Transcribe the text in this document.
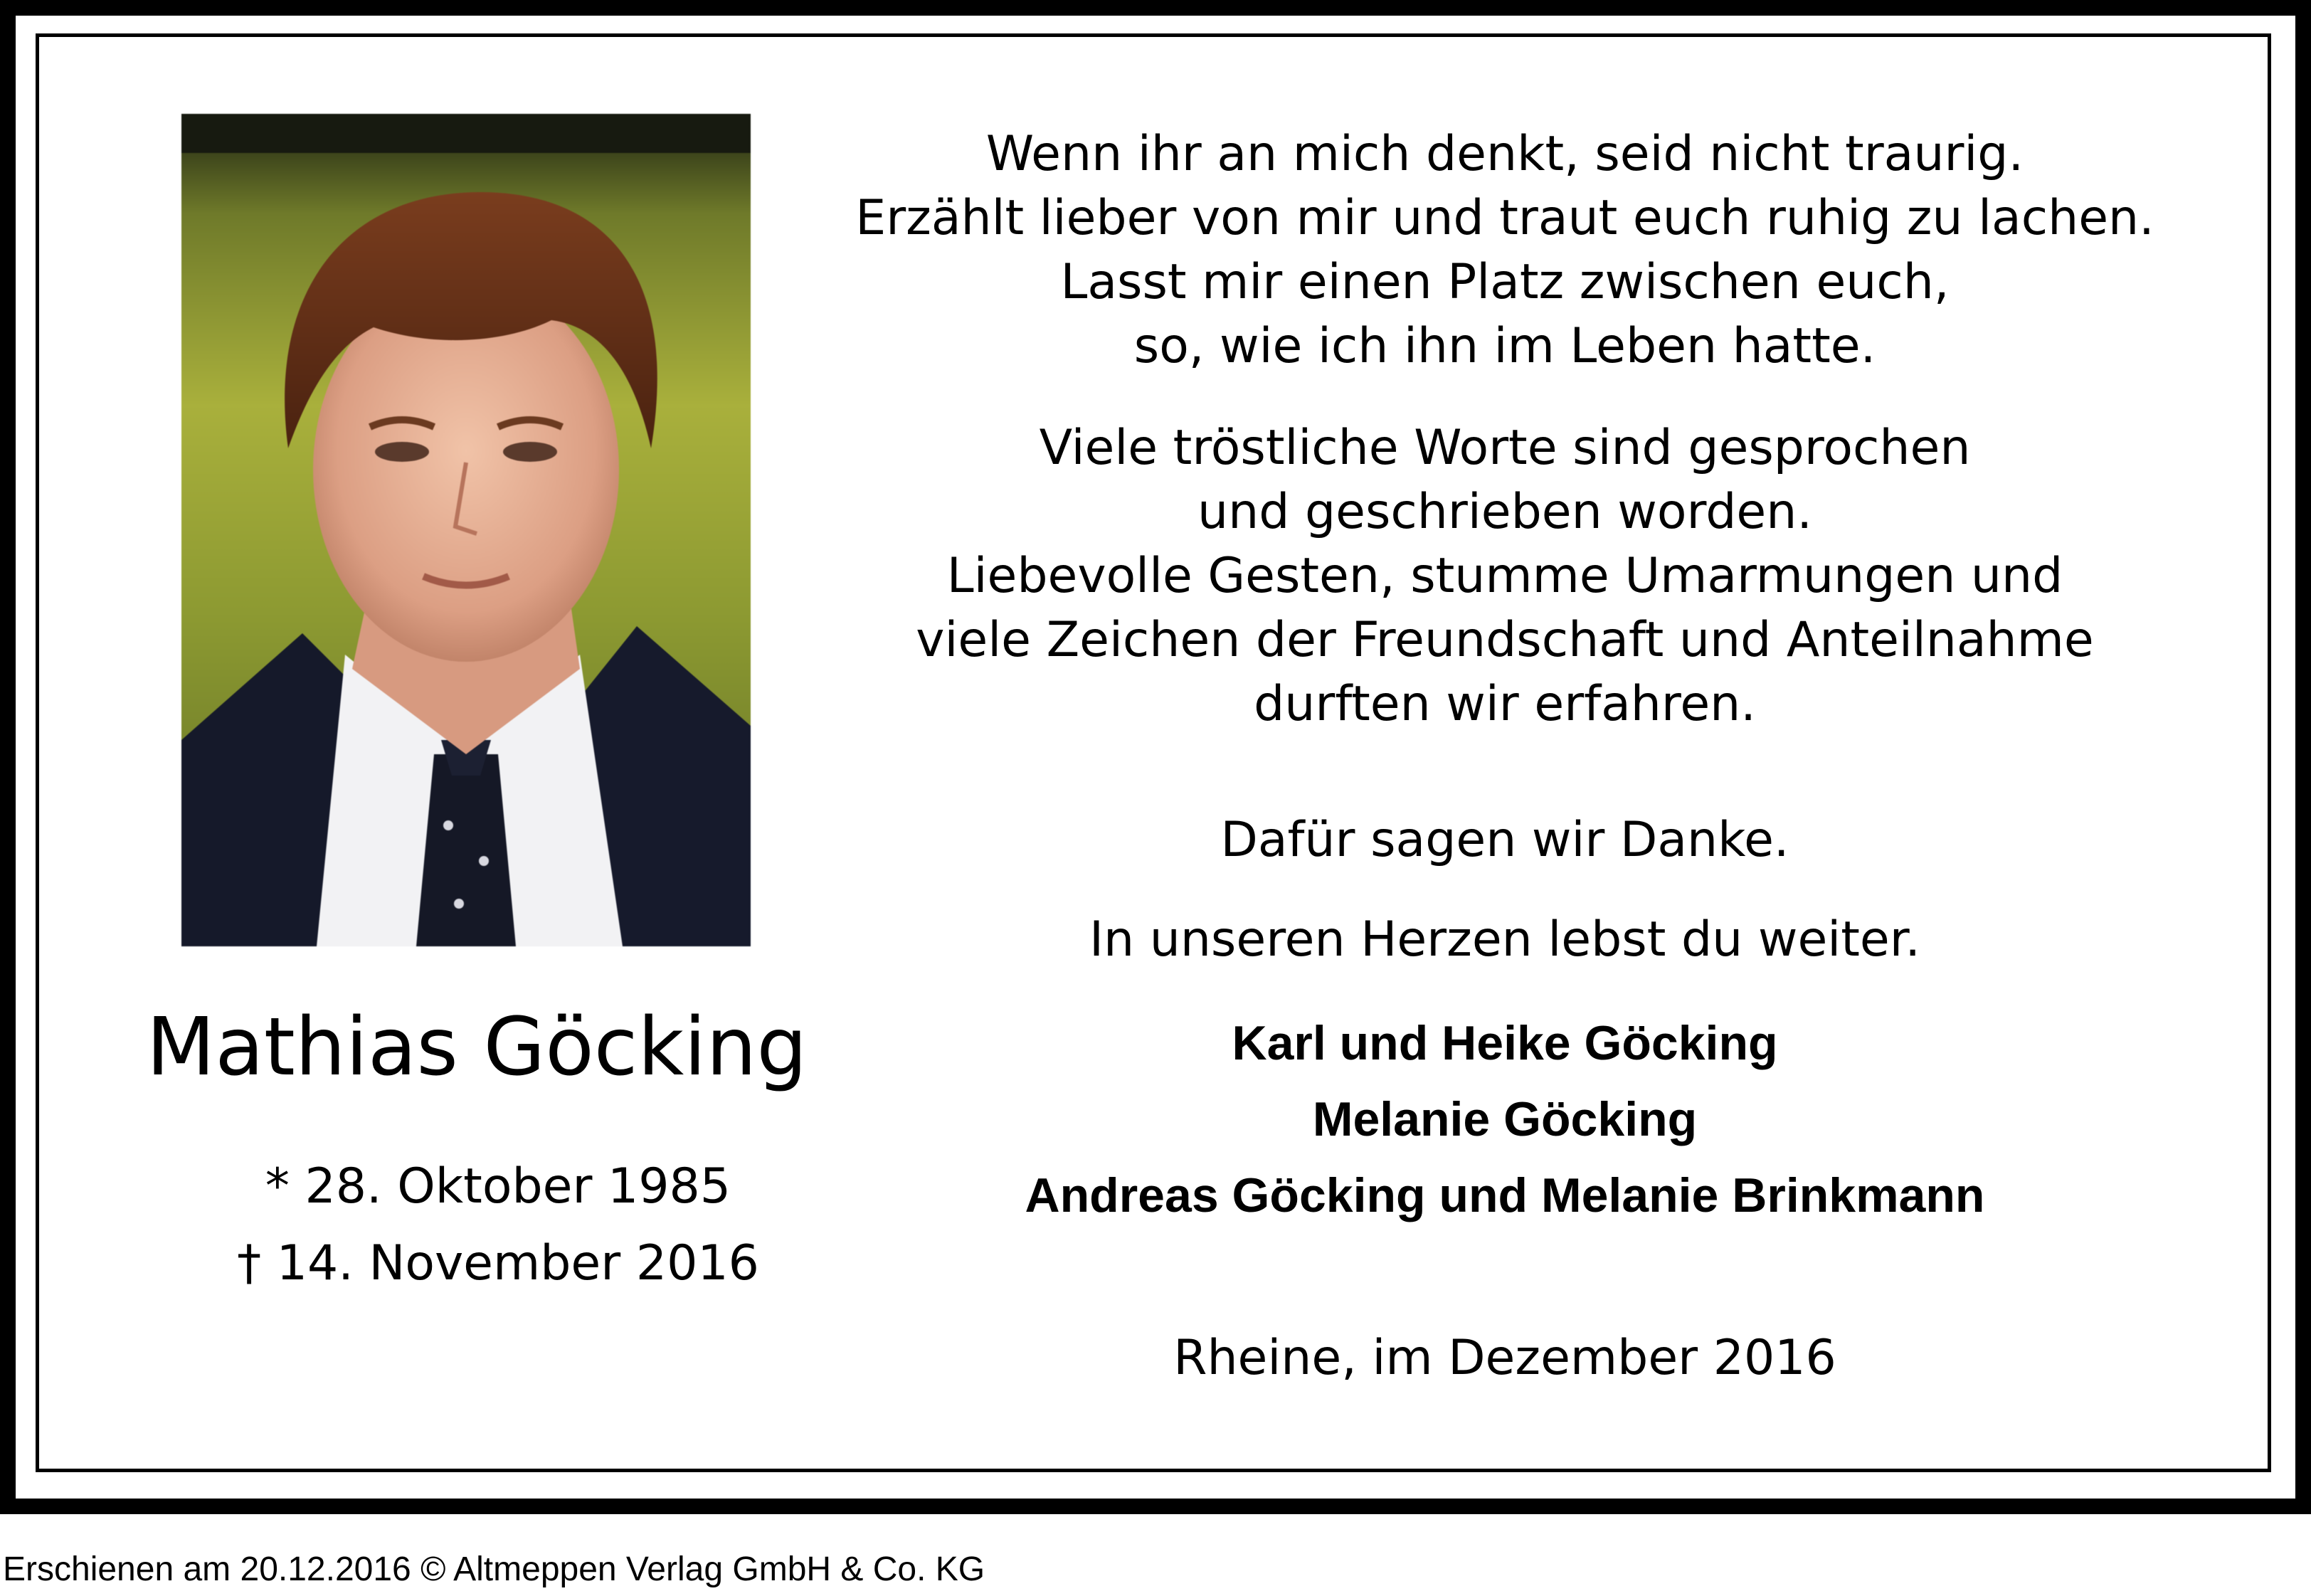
Mathias Göcking
* 28. Oktober 1985
† 14. November 2016
Wenn ihr an mich denkt, seid nicht traurig.
Erzählt lieber von mir und traut euch ruhig zu lachen.
Lasst mir einen Platz zwischen euch,
so, wie ich ihn im Leben hatte.
Viele tröstliche Worte sind gesprochen
und geschrieben worden.
Liebevolle Gesten, stumme Umarmungen und
viele Zeichen der Freundschaft und Anteilnahme
durften wir erfahren.
Dafür sagen wir Danke.
In unseren Herzen lebst du weiter.
Karl und Heike Göcking
Melanie Göcking
Andreas Göcking und Melanie Brinkmann
Rheine, im Dezember 2016
Erschienen am 20.12.2016 © Altmeppen Verlag GmbH & Co. KG
